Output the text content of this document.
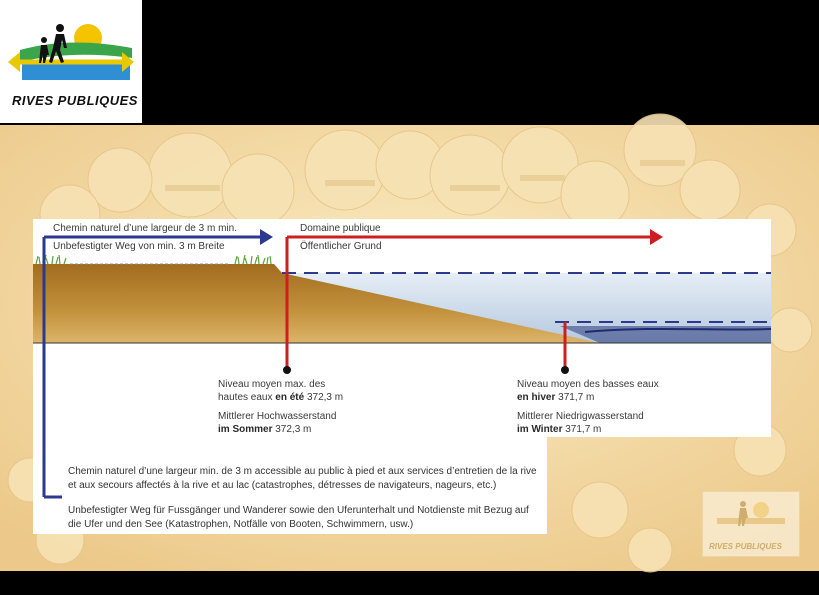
RIVES PUBLIQUES
Chemin naturel d’une largeur de 3 m min.
Unbefestigter Weg von min. 3 m Breite
Domaine publique
Öffentlicher Grund
Niveau moyen max. des
hautes eaux en été 372,3 m
Mittlerer Hochwasserstand
im Sommer 372,3 m
Niveau moyen des basses eaux
en hiver 371,7 m
Mittlerer Niedrigwasserstand
im Winter 371,7 m
Chemin naturel d’une largeur min. de 3 m accessible au public à pied et aux services d’entretien de la rive et aux secours affectés à la rive et au lac (catastrophes, détresses de navigateurs, nageurs, etc.)
Unbefestigter Weg für Fussgänger und Wanderer sowie den Uferunterhalt und Notdienste mit Bezug auf die Ufer und den See (Katastrophen, Notfälle von Booten, Schwimmern, usw.)
RIVES PUBLIQUES
